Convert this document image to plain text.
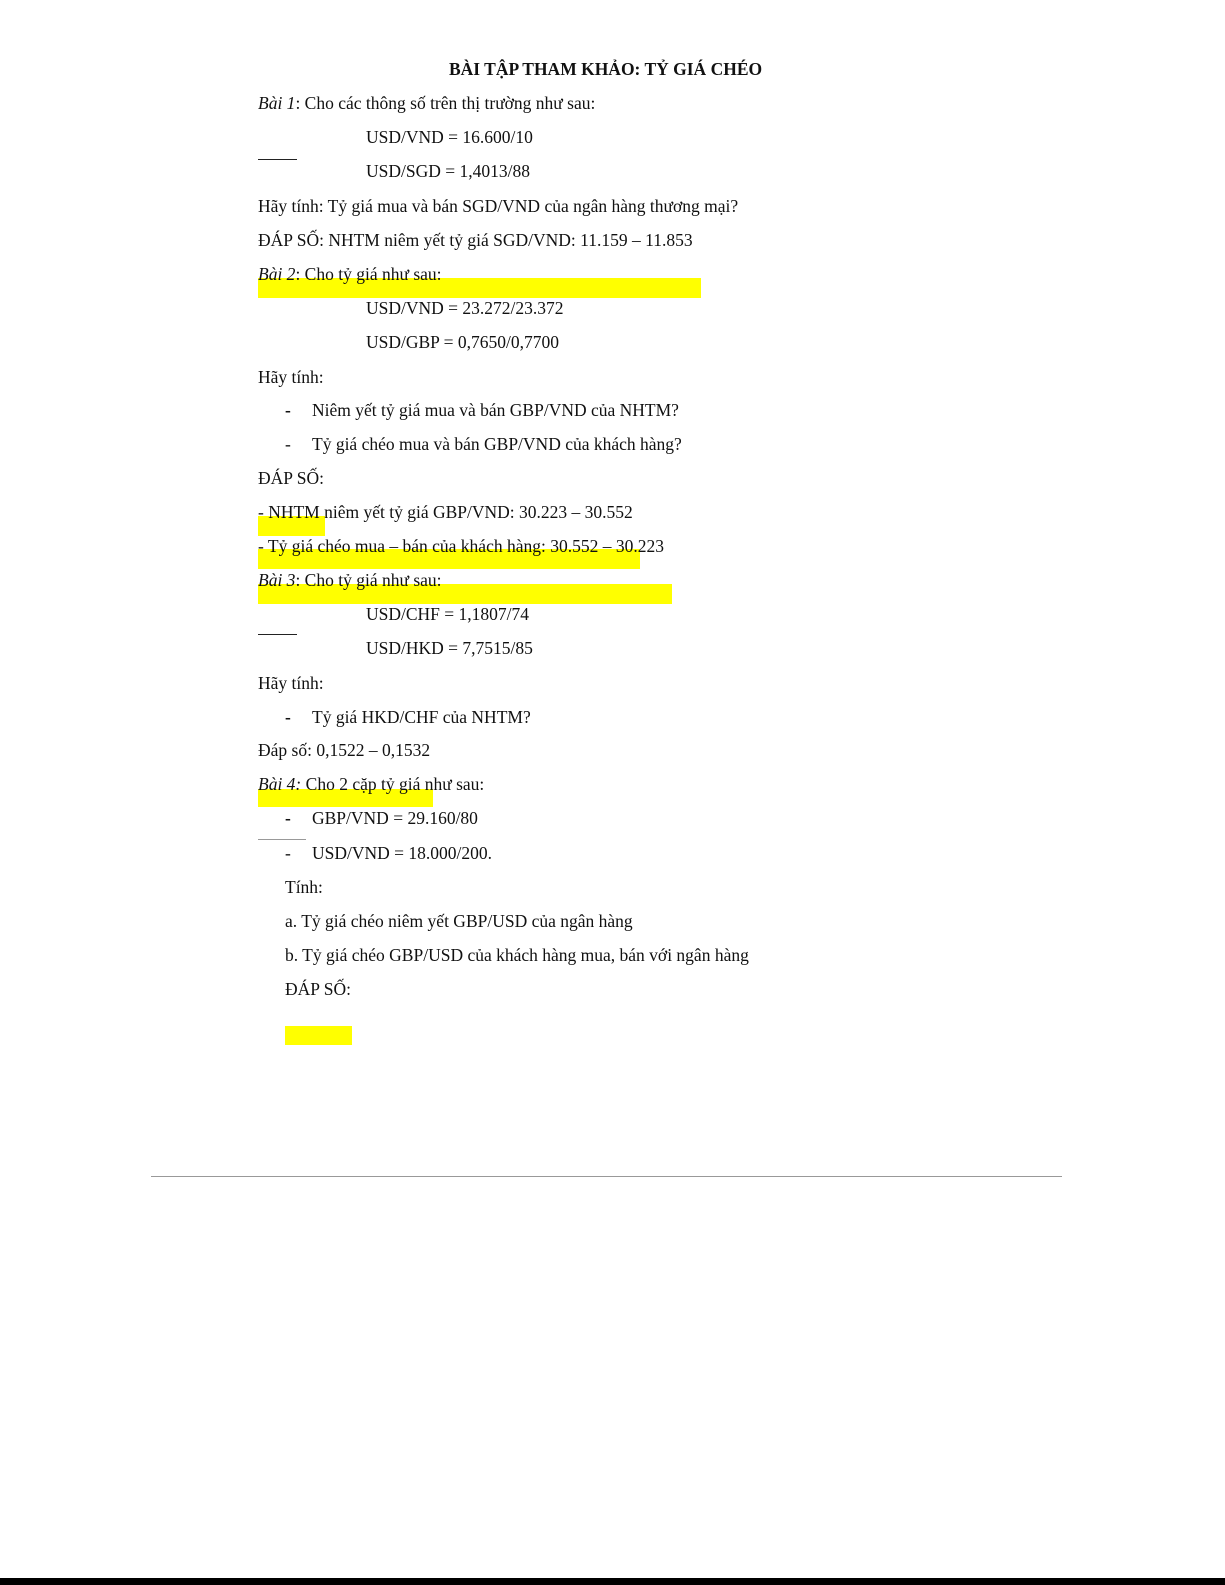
BÀI TẬP THAM KHẢO: TỶ GIÁ CHÉO
Bài 1: Cho các thông số trên thị trường như sau:
USD/VND = 16.600/10
USD/SGD = 1,4013/88
Hãy tính: Tỷ giá mua và bán SGD/VND của ngân hàng thương mại?
ĐÁP SỐ: NHTM niêm yết tỷ giá SGD/VND: 11.159 – 11.853
Bài 2: Cho tỷ giá như sau:
USD/VND = 23.272/23.372
USD/GBP = 0,7650/0,7700
Hãy tính:
- Niêm yết tỷ giá mua và bán GBP/VND của NHTM?
- Tỷ giá chéo mua và bán GBP/VND của khách hàng?
ĐÁP SỐ:
- NHTM niêm yết tỷ giá GBP/VND: 30.223 – 30.552
- Tỷ giá chéo mua – bán của khách hàng: 30.552 – 30.223
Bài 3: Cho tỷ giá như sau:
USD/CHF = 1,1807/74
USD/HKD = 7,7515/85
Hãy tính:
- Tỷ giá HKD/CHF của NHTM?
Đáp số: 0,1522 – 0,1532
Bài 4: Cho 2 cặp tỷ giá như sau:
- GBP/VND = 29.160/80
- USD/VND = 18.000/200.
Tính:
a. Tỷ giá chéo niêm yết GBP/USD của ngân hàng
b. Tỷ giá chéo GBP/USD của khách hàng mua, bán với ngân hàng
ĐÁP SỐ:
